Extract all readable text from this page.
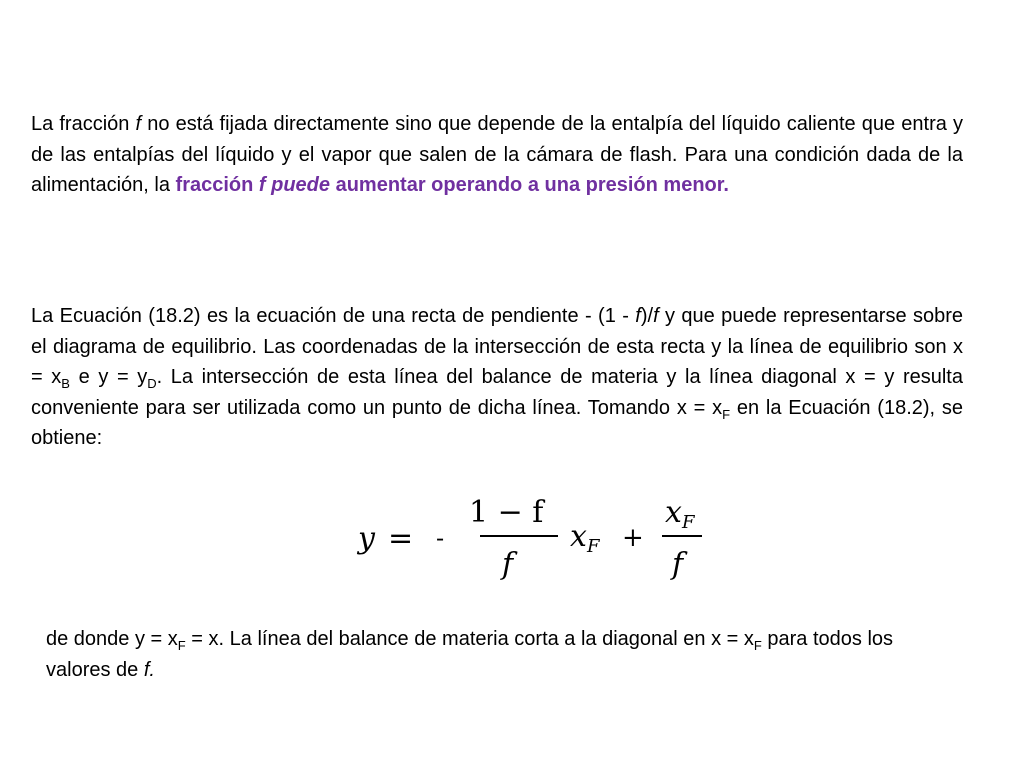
La fracción f no está fijada directamente sino que depende de la entalpía del líquido caliente que entra y de las entalpías del líquido y el vapor que salen de la cámara de flash. Para una condición dada de la alimentación, la fracción f puede aumentar operando a una presión menor.

La Ecuación (18.2) es la ecuación de una recta de pendiente - (1 - f)/f y que puede representarse sobre el diagrama de equilibrio. Las coordenadas de la intersección de esta recta y la línea de equilibrio son $x = x_B$ e $y = y_D$. La intersección de esta línea del balance de materia y la línea diagonal x = y resulta conveniente para ser utilizada como un punto de dicha línea. Tomando $x = x_F$ en la Ecuación (18.2), se obtiene:

y = -
1 − f
f
x F +
x F
f

de donde $y = x_F = x$. La línea del balance de materia corta a la diagonal en $x = x_F$ para todos los valores de f.
